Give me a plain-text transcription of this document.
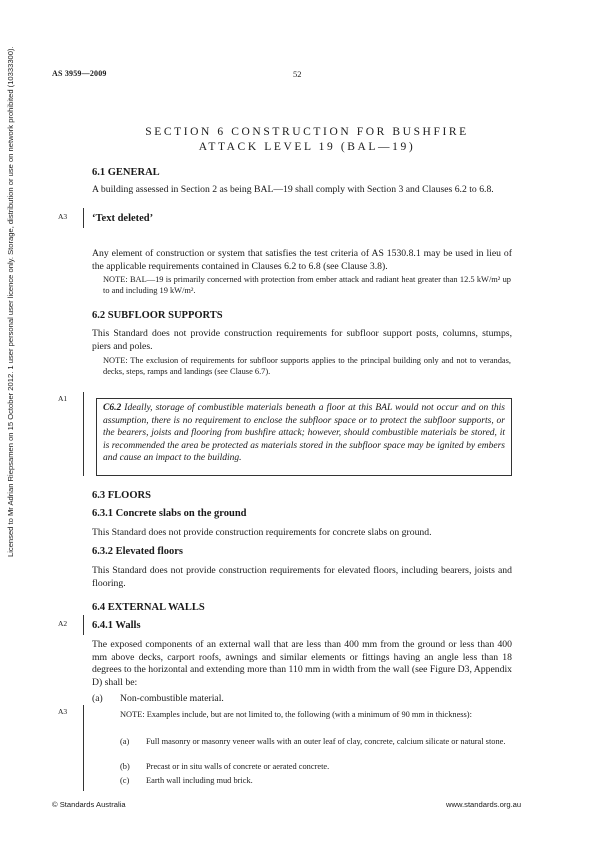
AS 3959—2009	52
Licensed to Mr Adrian Riepsamen on 15 October 2012. 1 user personal user licence only. Storage, distribution or use on network prohibited (10333300).	SECTION 6 CONSTRUCTION FOR BUSHFIRE
ATTACK LEVEL 19 (BAL—19)
6.1 GENERAL
A building assessed in Section 2 as being BAL—19 shall comply with Section 3 and Clauses 6.2 to 6.8.
A3 ‘Text deleted’
Any element of construction or system that satisfies the test criteria of AS 1530.8.1 may be used in lieu of the applicable requirements contained in Clauses 6.2 to 6.8 (see Clause 3.8).
NOTE: BAL—19 is primarily concerned with protection from ember attack and radiant heat greater than 12.5 kW/m² up to and including 19 kW/m².
6.2 SUBFLOOR SUPPORTS
This Standard does not provide construction requirements for subfloor support posts, columns, stumps, piers and poles.
NOTE: The exclusion of requirements for subfloor supports applies to the principal building only and not to verandas, decks, steps, ramps and landings (see Clause 6.7).
A1
C6.2 Ideally, storage of combustible materials beneath a floor at this BAL would not occur and on this assumption, there is no requirement to enclose the subfloor space or to protect the subfloor supports, or the bearers, joists and flooring from bushfire attack; however, should combustible materials be stored, it is recommended the area be protected as materials stored in the subfloor space may be ignited by embers and cause an impact to the building.
6.3 FLOORS
6.3.1 Concrete slabs on the ground
This Standard does not provide construction requirements for concrete slabs on ground.
6.3.2 Elevated floors
This Standard does not provide construction requirements for elevated floors, including bearers, joists and flooring.
6.4 EXTERNAL WALLS
A2 6.4.1 Walls
The exposed components of an external wall that are less than 400 mm from the ground or less than 400 mm above decks, carport roofs, awnings and similar elements or fittings having an angle less than 18 degrees to the horizontal and extending more than 110 mm in width from the wall (see Figure D3, Appendix D) shall be:
(a) Non-combustible material.
A3	NOTE: Examples include, but are not limited to, the following (with a minimum of 90 mm in thickness):
(a)	Full masonry or masonry veneer walls with an outer leaf of clay, concrete, calcium silicate or natural stone.
(b)	Precast or in situ walls of concrete or aerated concrete.
(c)	Earth wall including mud brick.
© Standards Australia	www.standards.org.au
